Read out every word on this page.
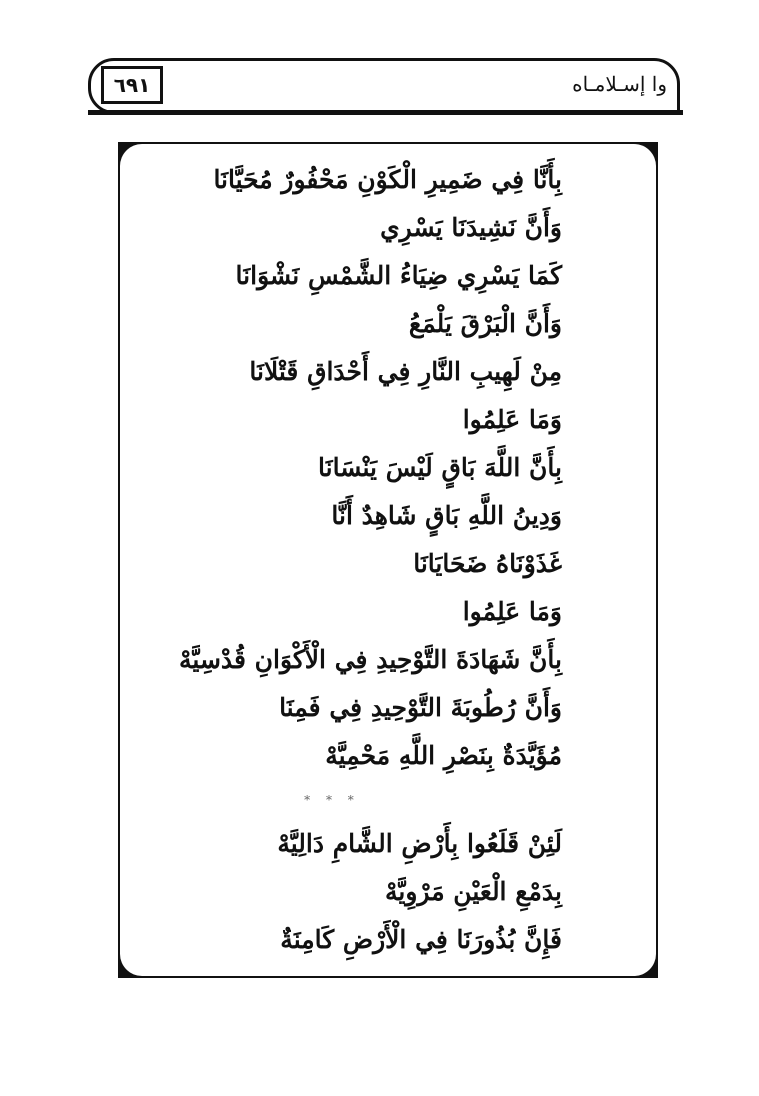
٦٩١	وا إسـلامـاه
بِأَنَّا فِي ضَمِيرِ الْكَوْنِ مَحْفُورٌ مُحَيَّانَا
وَأَنَّ نَشِيدَنَا يَسْرِي
كَمَا يَسْرِي ضِيَاءُ الشَّمْسِ نَشْوَانَا
وَأَنَّ الْبَرْقَ يَلْمَعُ
مِنْ لَهِيبِ النَّارِ فِي أَحْدَاقِ قَتْلَانَا
وَمَا عَلِمُوا
بِأَنَّ اللَّهَ بَاقٍ لَيْسَ يَنْسَانَا
وَدِينُ اللَّهِ بَاقٍ شَاهِدٌ أَنَّا
غَذَوْنَاهُ ضَحَايَانَا
وَمَا عَلِمُوا
بِأَنَّ شَهَادَةَ التَّوْحِيدِ فِي الْأَكْوَانِ قُدْسِيَّهْ
وَأَنَّ رُطُوبَةَ التَّوْحِيدِ فِي فَمِنَا
مُؤَيَّدَةٌ بِنَصْرِ اللَّهِ مَحْمِيَّهْ
* * *
لَئِنْ قَلَعُوا بِأَرْضِ الشَّامِ دَالِيَّهْ
بِدَمْعِ الْعَيْنِ مَرْوِيَّهْ
فَإِنَّ بُذُورَنَا فِي الْأَرْضِ كَامِنَةٌ
